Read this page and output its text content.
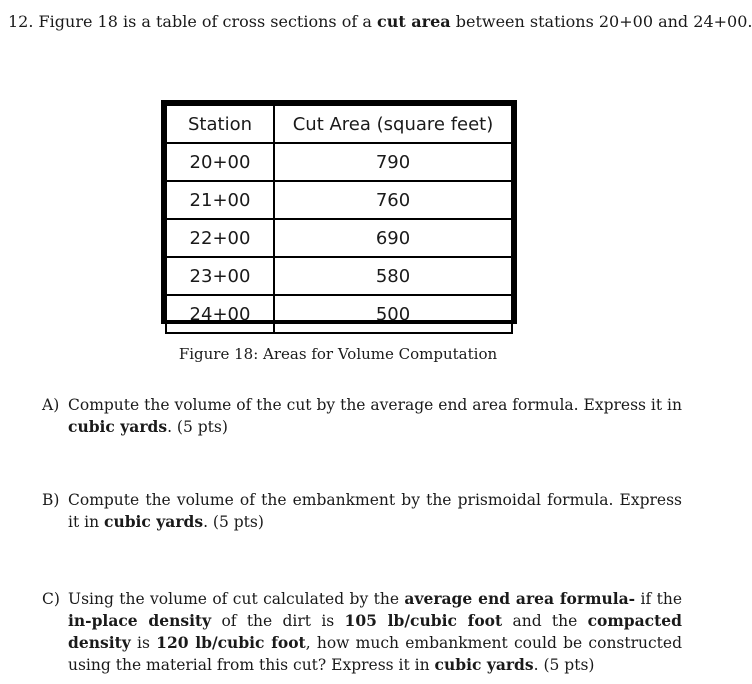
12. Figure 18 is a table of cross sections of a cut area between stations 20+00 and 24+00.
Station	Cut Area (square feet)
20+00	790
21+00	760
22+00	690
23+00	580
24+00	500
Figure 18: Areas for Volume Computation
A) Compute the volume of the cut by the average end area formula. Express it in cubic yards. (5 pts)
B) Compute the volume of the embankment by the prismoidal formula. Express it in cubic yards. (5 pts)
C) Using the volume of cut calculated by the average end area formula- if the in-place density of the dirt is 105 lb/cubic foot and the compacted density is 120 lb/cubic foot, how much embankment could be constructed using the material from this cut? Express it in cubic yards. (5 pts)
